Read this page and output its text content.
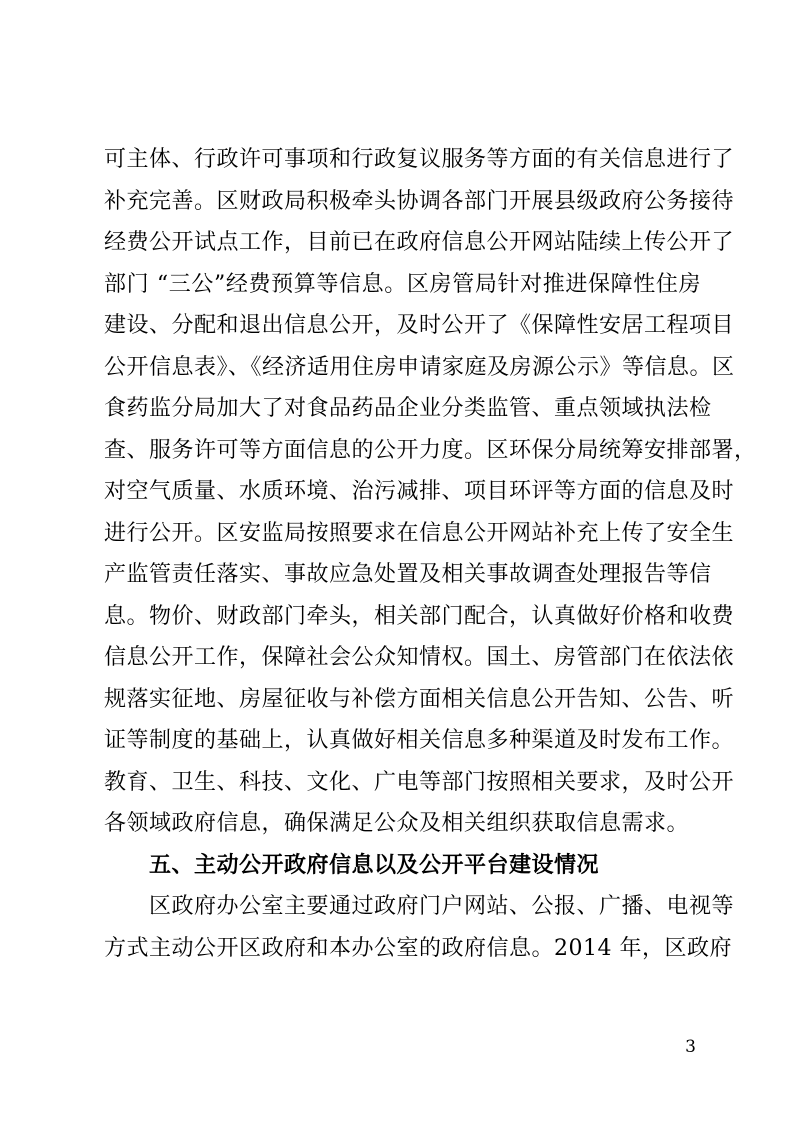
可主体、行政许可事项和行政复议服务等方面的有关信息进行了
补充完善。区财政局积极牵头协调各部门开展县级政府公务接待
经费公开试点工作，目前已在政府信息公开网站陆续上传公开了
部门 “三公”经费预算等信息。区房管局针对推进保障性住房
建设、分配和退出信息公开，及时公开了《保障性安居工程项目
公开信息表》、《经济适用住房申请家庭及房源公示》等信息。区
食药监分局加大了对食品药品企业分类监管、重点领域执法检
查、服务许可等方面信息的公开力度。区环保分局统筹安排部署，
对空气质量、水质环境、治污减排、项目环评等方面的信息及时
进行公开。区安监局按照要求在信息公开网站补充上传了安全生
产监管责任落实、事故应急处置及相关事故调查处理报告等信
息。物价、财政部门牵头，相关部门配合，认真做好价格和收费
信息公开工作，保障社会公众知情权。国土、房管部门在依法依
规落实征地、房屋征收与补偿方面相关信息公开告知、公告、听
证等制度的基础上，认真做好相关信息多种渠道及时发布工作。
教育、卫生、科技、文化、广电等部门按照相关要求，及时公开
各领域政府信息，确保满足公众及相关组织获取信息需求。
五、主动公开政府信息以及公开平台建设情况
区政府办公室主要通过政府门户网站、公报、广播、电视等
方式主动公开区政府和本办公室的政府信息。2014 年，区政府
3
